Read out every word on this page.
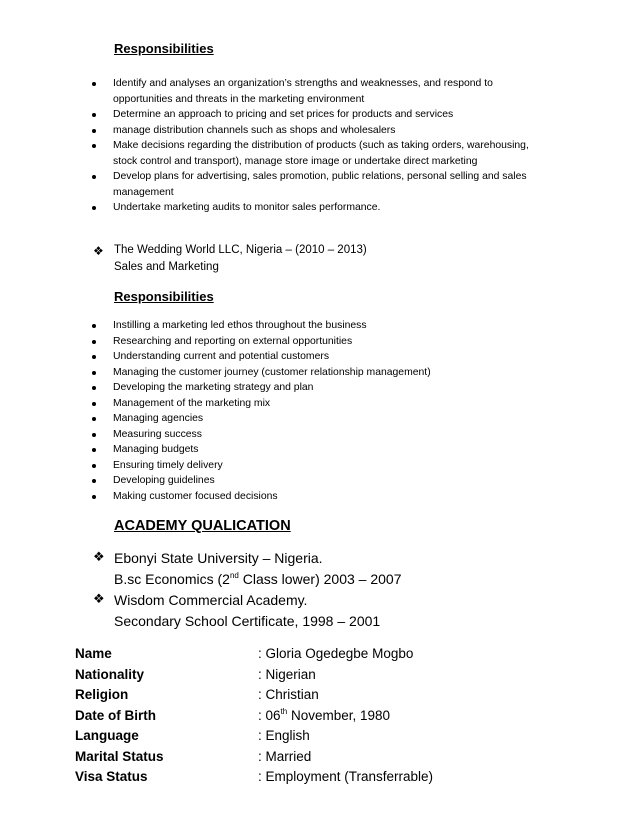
Responsibilities
Identify and analyses an organization’s strengths and weaknesses, and respond to opportunities and threats in the marketing environment
Determine an approach to pricing and set prices for products and services
manage distribution channels such as shops and wholesalers
Make decisions regarding the distribution of products (such as taking orders, warehousing, stock control and transport), manage store image or undertake direct marketing
Develop plans for advertising, sales promotion, public relations, personal selling and sales management
Undertake marketing audits to monitor sales performance.
❖ The Wedding World LLC, Nigeria – (2010 – 2013)
Sales and Marketing
Responsibilities
Instilling a marketing led ethos throughout the business
Researching and reporting on external opportunities
Understanding current and potential customers
Managing the customer journey (customer relationship management)
Developing the marketing strategy and plan
Management of the marketing mix
Managing agencies
Measuring success
Managing budgets
Ensuring timely delivery
Developing guidelines
Making customer focused decisions
ACADEMY QUALICATION
❖ Ebonyi State University – Nigeria.
B.sc Economics (2nd Class lower) 2003 – 2007
❖ Wisdom Commercial Academy.
Secondary School Certificate, 1998 – 2001
Name	: Gloria Ogedegbe Mogbo
Nationality	: Nigerian
Religion	: Christian
Date of Birth	: 06th November, 1980
Language	: English
Marital Status	: Married
Visa Status	: Employment (Transferrable)
